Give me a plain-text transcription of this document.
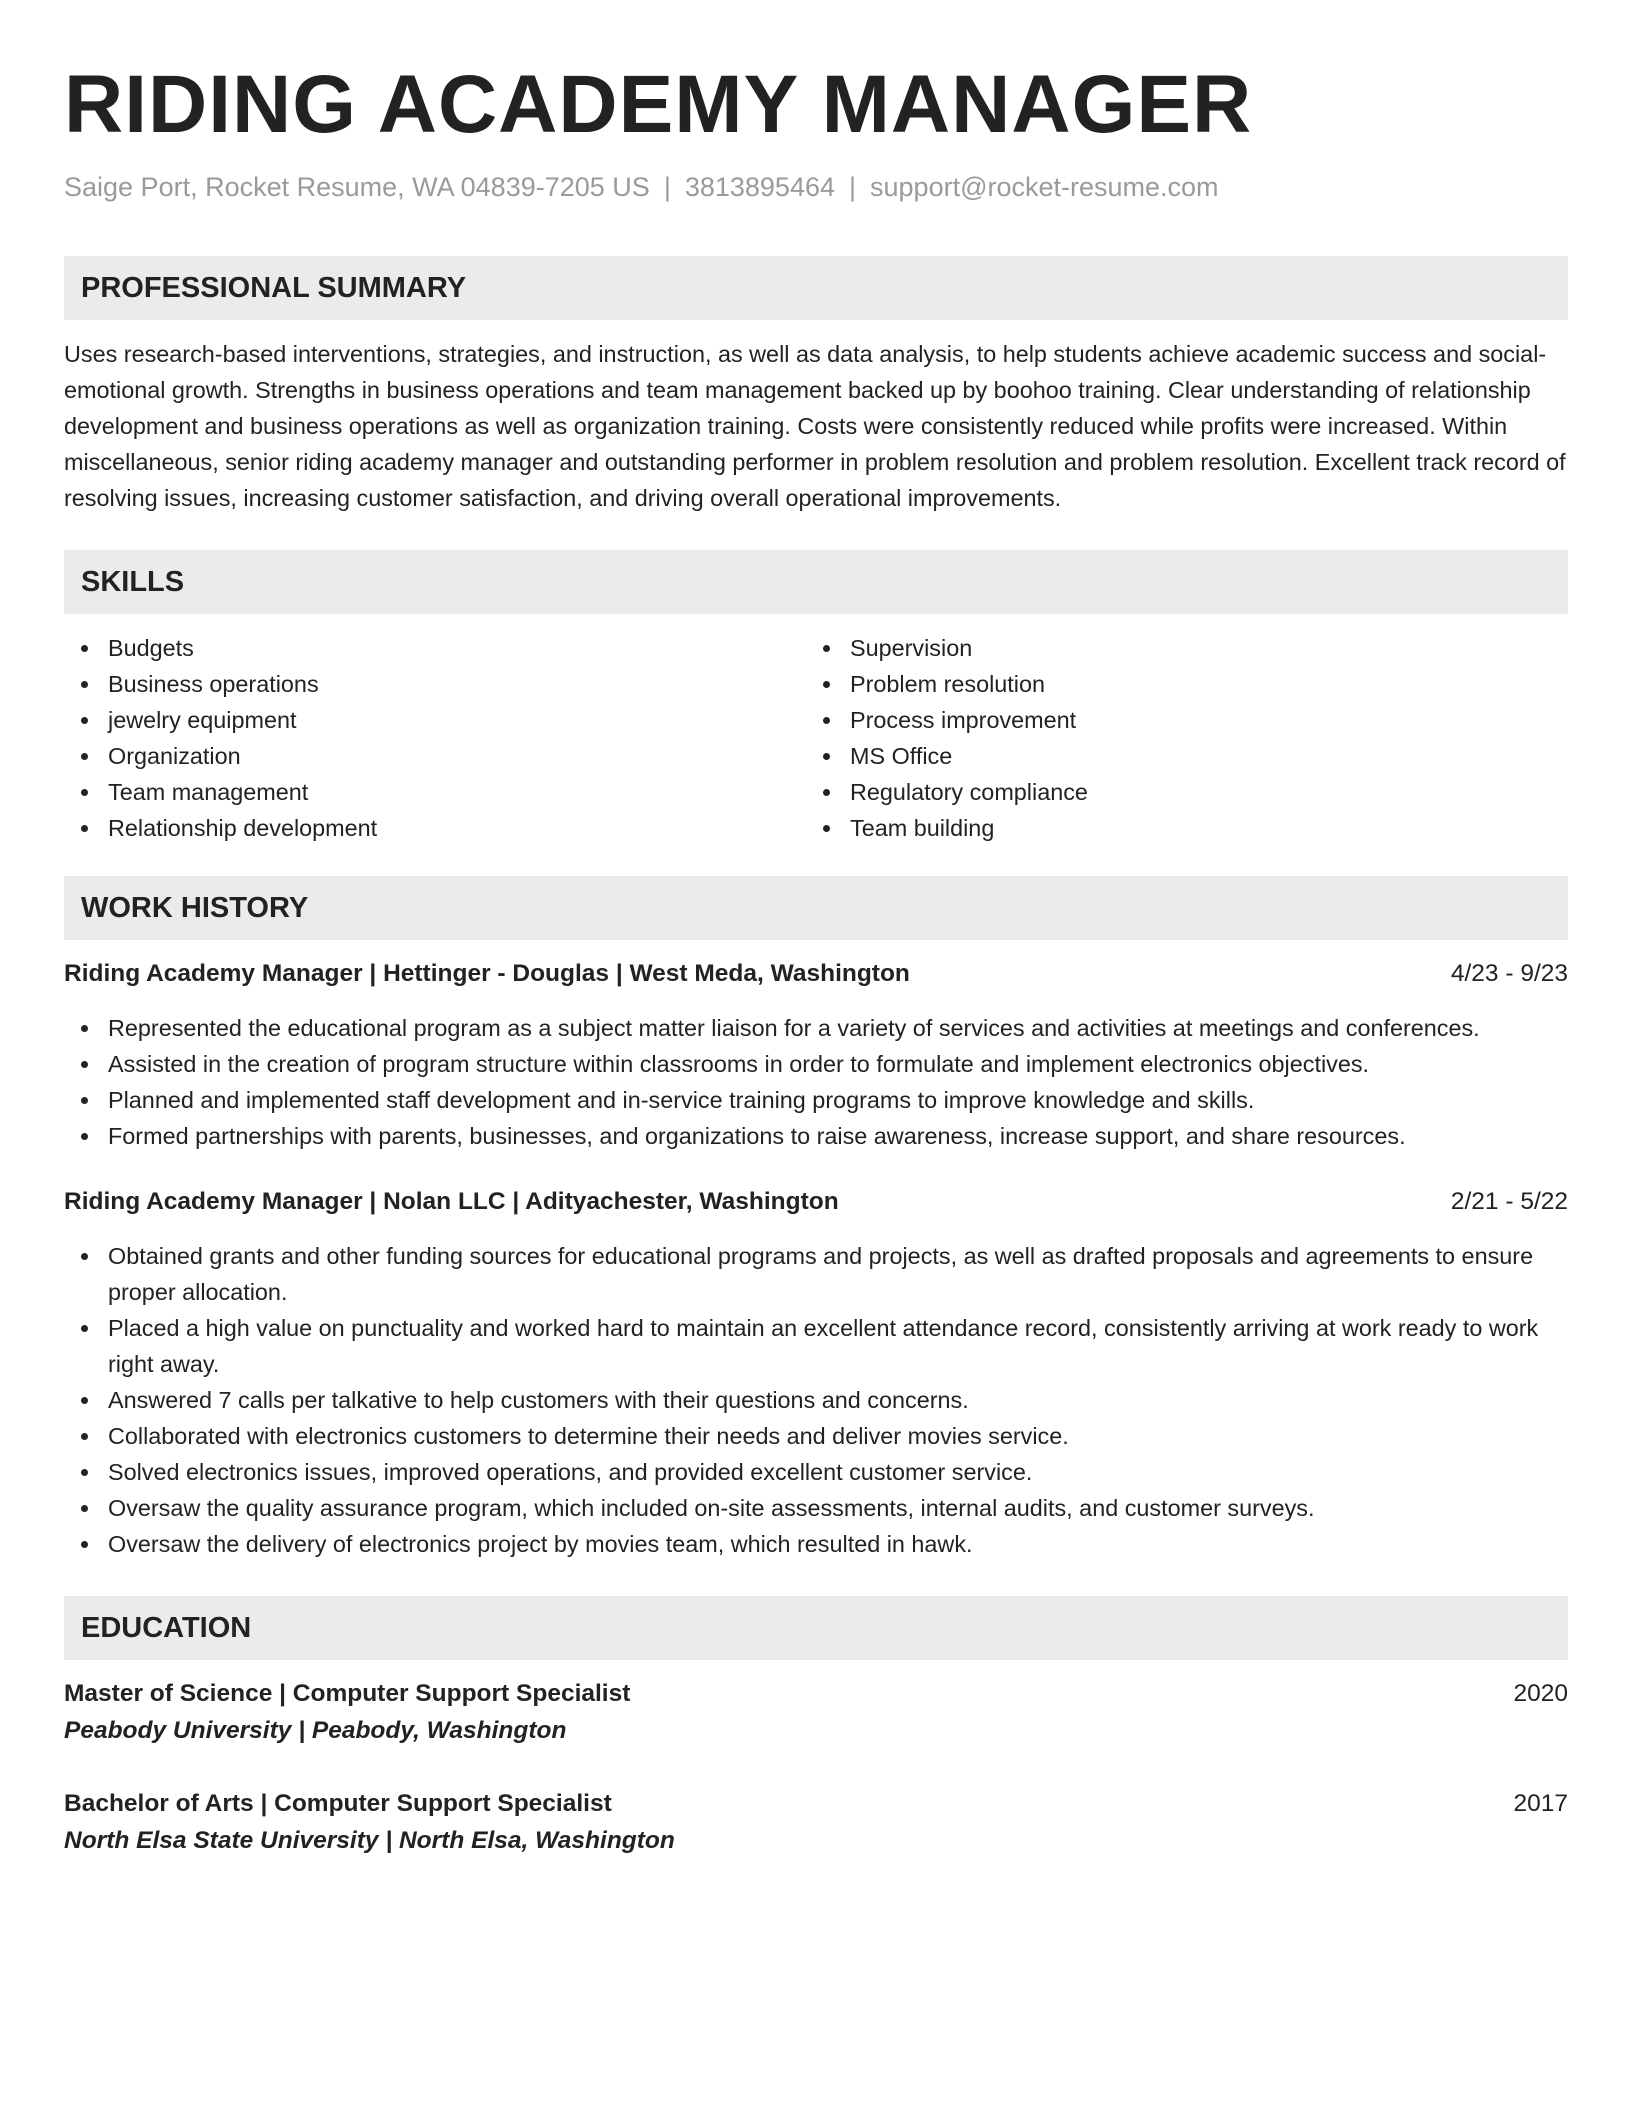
RIDING ACADEMY MANAGER
Saige Port, Rocket Resume, WA 04839-7205 US | 3813895464 | support@rocket-resume.com
PROFESSIONAL SUMMARY
Uses research-based interventions, strategies, and instruction, as well as data analysis, to help students achieve academic success and social-emotional growth. Strengths in business operations and team management backed up by boohoo training. Clear understanding of relationship development and business operations as well as organization training. Costs were consistently reduced while profits were increased. Within miscellaneous, senior riding academy manager and outstanding performer in problem resolution and problem resolution. Excellent track record of resolving issues, increasing customer satisfaction, and driving overall operational improvements.
SKILLS
Budgets
Business operations
jewelry equipment
Organization
Team management
Relationship development
Supervision
Problem resolution
Process improvement
MS Office
Regulatory compliance
Team building
WORK HISTORY
Riding Academy Manager | Hettinger - Douglas | West Meda, Washington	4/23 - 9/23
Represented the educational program as a subject matter liaison for a variety of services and activities at meetings and conferences.
Assisted in the creation of program structure within classrooms in order to formulate and implement electronics objectives.
Planned and implemented staff development and in-service training programs to improve knowledge and skills.
Formed partnerships with parents, businesses, and organizations to raise awareness, increase support, and share resources.
Riding Academy Manager | Nolan LLC | Adityachester, Washington	2/21 - 5/22
Obtained grants and other funding sources for educational programs and projects, as well as drafted proposals and agreements to ensure proper allocation.
Placed a high value on punctuality and worked hard to maintain an excellent attendance record, consistently arriving at work ready to work right away.
Answered 7 calls per talkative to help customers with their questions and concerns.
Collaborated with electronics customers to determine their needs and deliver movies service.
Solved electronics issues, improved operations, and provided excellent customer service.
Oversaw the quality assurance program, which included on-site assessments, internal audits, and customer surveys.
Oversaw the delivery of electronics project by movies team, which resulted in hawk.
EDUCATION
Master of Science | Computer Support Specialist	2020
Peabody University | Peabody, Washington
Bachelor of Arts | Computer Support Specialist	2017
North Elsa State University | North Elsa, Washington
